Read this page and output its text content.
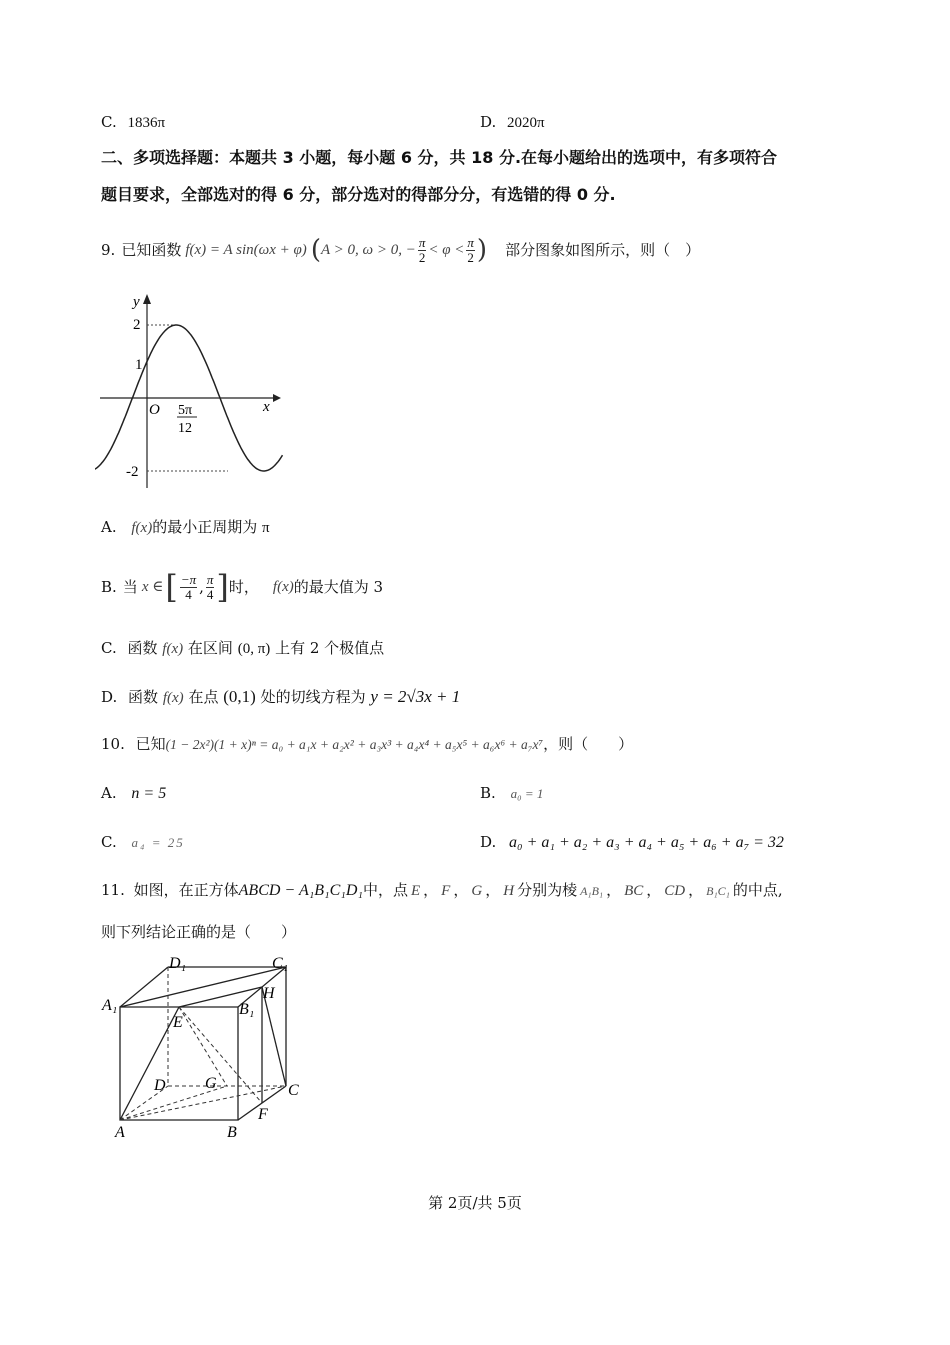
C. 1836π	D. 2020π
二、多项选择题：本题共 3 小题，每小题 6 分，共 18 分.在每小题给出的选项中，有多项符合
题目要求，全部选对的得 6 分，部分选对的得部分分，有选错的得 0 分.
9. 已知函数 f(x) = A sin(ωx + φ) ( A > 0, ω > 0, − $\frac{\pi}{2} < \varphi < \frac{\pi}{2}$ ) 部分图象如图所示，则（　）
y
x
O
2
1
-2
5π
12
A. f(x)的最小正周期为 π
B. 当 x ∈ [ $\frac{-\pi}{4}$ , $\frac{\pi}{4}$ ] 时， f(x) 的最大值为 3
C. 函数 f(x) 在区间 (0, π) 上有 2 个极值点
D. 函数 f(x) 在点 (0,1) 处的切线方程为 y = 2√3x + 1
10. 已知(1 − 2x²)(1 + x)ⁿ = a₀ + a₁x + a₂x² + a₃x³ + a₄x⁴ + a₅x⁵ + a₆x⁶ + a₇x⁷，则（　　）
A. n = 5	B. a₀ = 1
C. a₄ = 25	D. a₀ + a₁ + a₂ + a₃ + a₄ + a₅ + a₆ + a₇ = 32
11. 如图，在正方体ABCD − A₁B₁C₁D₁中，点 E ， F ， G ， H 分别为棱 A₁B₁ ， BC ， CD ， B₁C₁ 的中点,
则下列结论正确的是（　　）
D₁	C₁
A₁	B₁
H
E
D G	C
F
A	B
第 2页/共 5页
